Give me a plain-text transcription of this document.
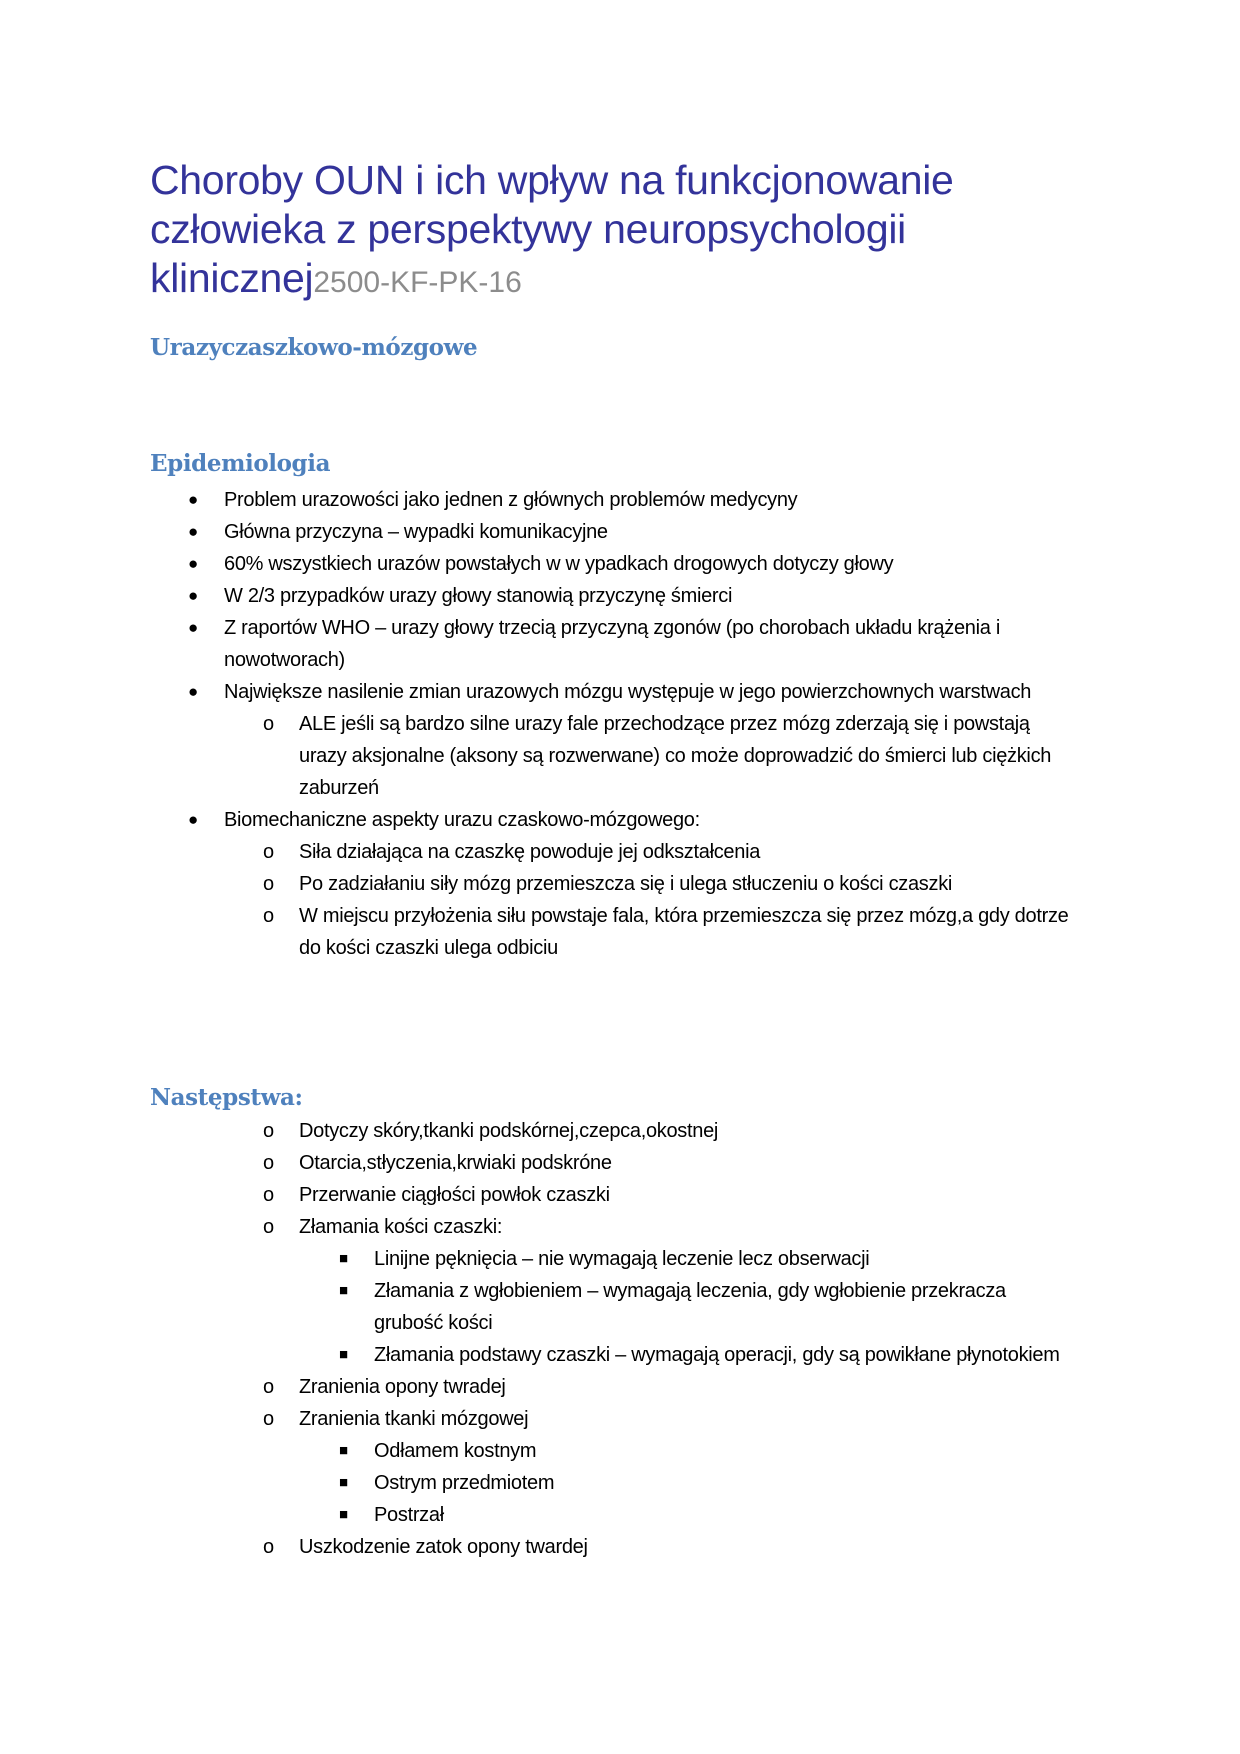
Choroby OUN i ich wpływ na funkcjonowanie człowieka z perspektywy neuropsychologii klinicznej2500-KF-PK-16
Urazyczaszkowo-mózgowe
Epidemiologia
● Problem urazowości jako jednen z głównych problemów medycyny
● Główna przyczyna – wypadki komunikacyjne
● 60% wszystkiech urazów powstałych w w ypadkach drogowych dotyczy głowy
● W 2/3 przypadków urazy głowy stanowią przyczynę śmierci
● Z raportów WHO – urazy głowy trzecią przyczyną zgonów (po chorobach układu krążenia i nowotworach)
● Największe nasilenie zmian urazowych mózgu występuje w jego powierzchownych warstwach
o ALE jeśli są bardzo silne urazy fale przechodzące przez mózg zderzają się i powstają urazy aksjonalne (aksony są rozwerwane) co może doprowadzić do śmierci lub ciężkich zaburzeń
● Biomechaniczne aspekty urazu czaskowo-mózgowego:
o Siła działająca na czaszkę powoduje jej odkształcenia
o Po zadziałaniu siły mózg przemieszcza się i ulega stłuczeniu o kości czaszki
o W miejscu przyłożenia siłu powstaje fala, która przemieszcza się przez mózg,a gdy dotrze do kości czaszki ulega odbiciu
Następstwa:
o Dotyczy skóry,tkanki podskórnej,czepca,okostnej
o Otarcia,stłyczenia,krwiaki podskróne
o Przerwanie ciągłości powłok czaszki
o Złamania kości czaszki:
■ Linijne pęknięcia – nie wymagają leczenie lecz obserwacji
■ Złamania z wgłobieniem – wymagają leczenia, gdy wgłobienie przekracza grubość kości
■ Złamania podstawy czaszki – wymagają operacji, gdy są powikłane płynotokiem
o Zranienia opony twradej
o Zranienia tkanki mózgowej
■ Odłamem kostnym
■ Ostrym przedmiotem
■ Postrzał
o Uszkodzenie zatok opony twardej
